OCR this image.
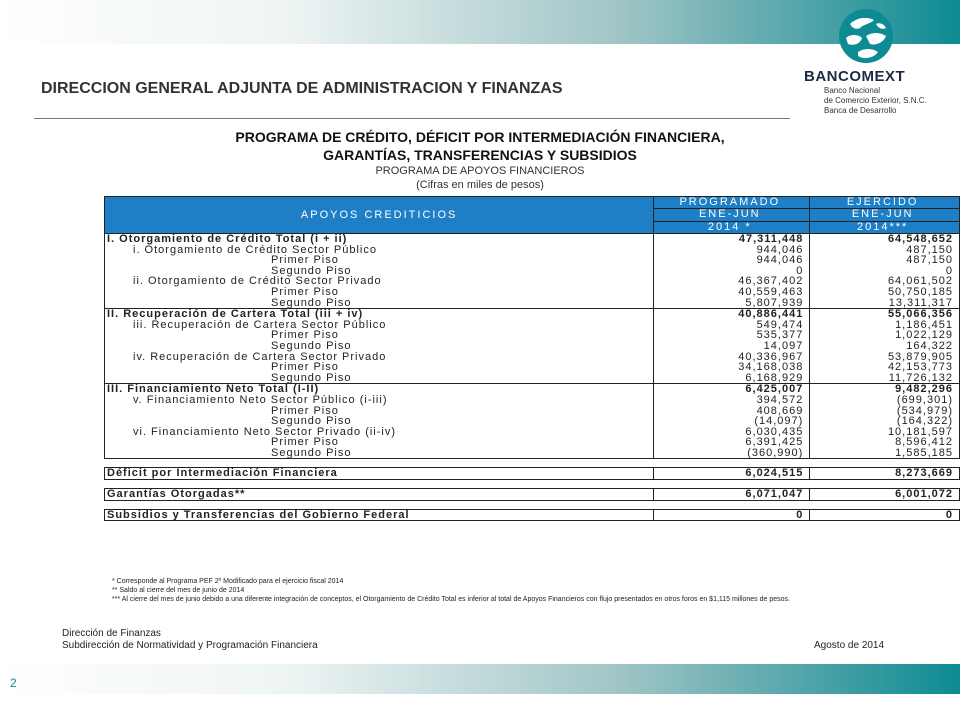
BANCOMEXT
Banco Nacional
de Comercio Exterior, S.N.C.
Banca de Desarrollo
DIRECCION GENERAL ADJUNTA DE ADMINISTRACION Y FINANZAS
PROGRAMA DE CRÉDITO, DÉFICIT POR INTERMEDIACIÓN FINANCIERA,
GARANTÍAS, TRANSFERENCIAS Y SUBSIDIOS
PROGRAMA DE APOYOS FINANCIEROS
(Cifras en miles de pesos)
APOYOS CREDITICIOS	PROGRAMADO	EJERCIDO
	ENE-JUN	ENE-JUN
	2014 *	2014***
I. Otorgamiento de Crédito Total (i + ii)	47,311,448	64,548,652
i. Otorgamiento de Crédito Sector Público	944,046	487,150
Primer Piso	944,046	487,150
Segundo Piso	0	0
ii. Otorgamiento de Crédito Sector Privado	46,367,402	64,061,502
Primer Piso	40,559,463	50,750,185
Segundo Piso	5,807,939	13,311,317
II. Recuperación de Cartera Total (iii + iv)	40,886,441	55,066,356
iii. Recuperación de Cartera Sector Público	549,474	1,186,451
Primer Piso	535,377	1,022,129
Segundo Piso	14,097	164,322
iv. Recuperación de Cartera Sector Privado	40,336,967	53,879,905
Primer Piso	34,168,038	42,153,773
Segundo Piso	6,168,929	11,726,132
III. Financiamiento Neto Total (I-II)	6,425,007	9,482,296
v. Financiamiento Neto Sector Público (i-iii)	394,572	(699,301)
Primer Piso	408,669	(534,979)
Segundo Piso	(14,097)	(164,322)
vi. Financiamiento Neto Sector Privado (ii-iv)	6,030,435	10,181,597
Primer Piso	6,391,425	8,596,412
Segundo Piso	(360,990)	1,585,185

Déficit por Intermediación Financiera	6,024,515	8,273,669

Garantías Otorgadas**	6,071,047	6,001,072

Subsidios y Transferencias del Gobierno Federal	0	0
* Corresponde al Programa PEF 2º Modificado para el ejercicio fiscal 2014
** Saldo al cierre del mes de junio de 2014
*** Al cierre del mes de junio debido a una diferente integración de conceptos, el Otorgamiento de Crédito Total es inferior al total de Apoyos Financieros con flujo presentados en otros foros en $1,115 millones de pesos.
Dirección de Finanzas
Subdirección de Normatividad y Programación Financiera	Agosto de 2014
2
